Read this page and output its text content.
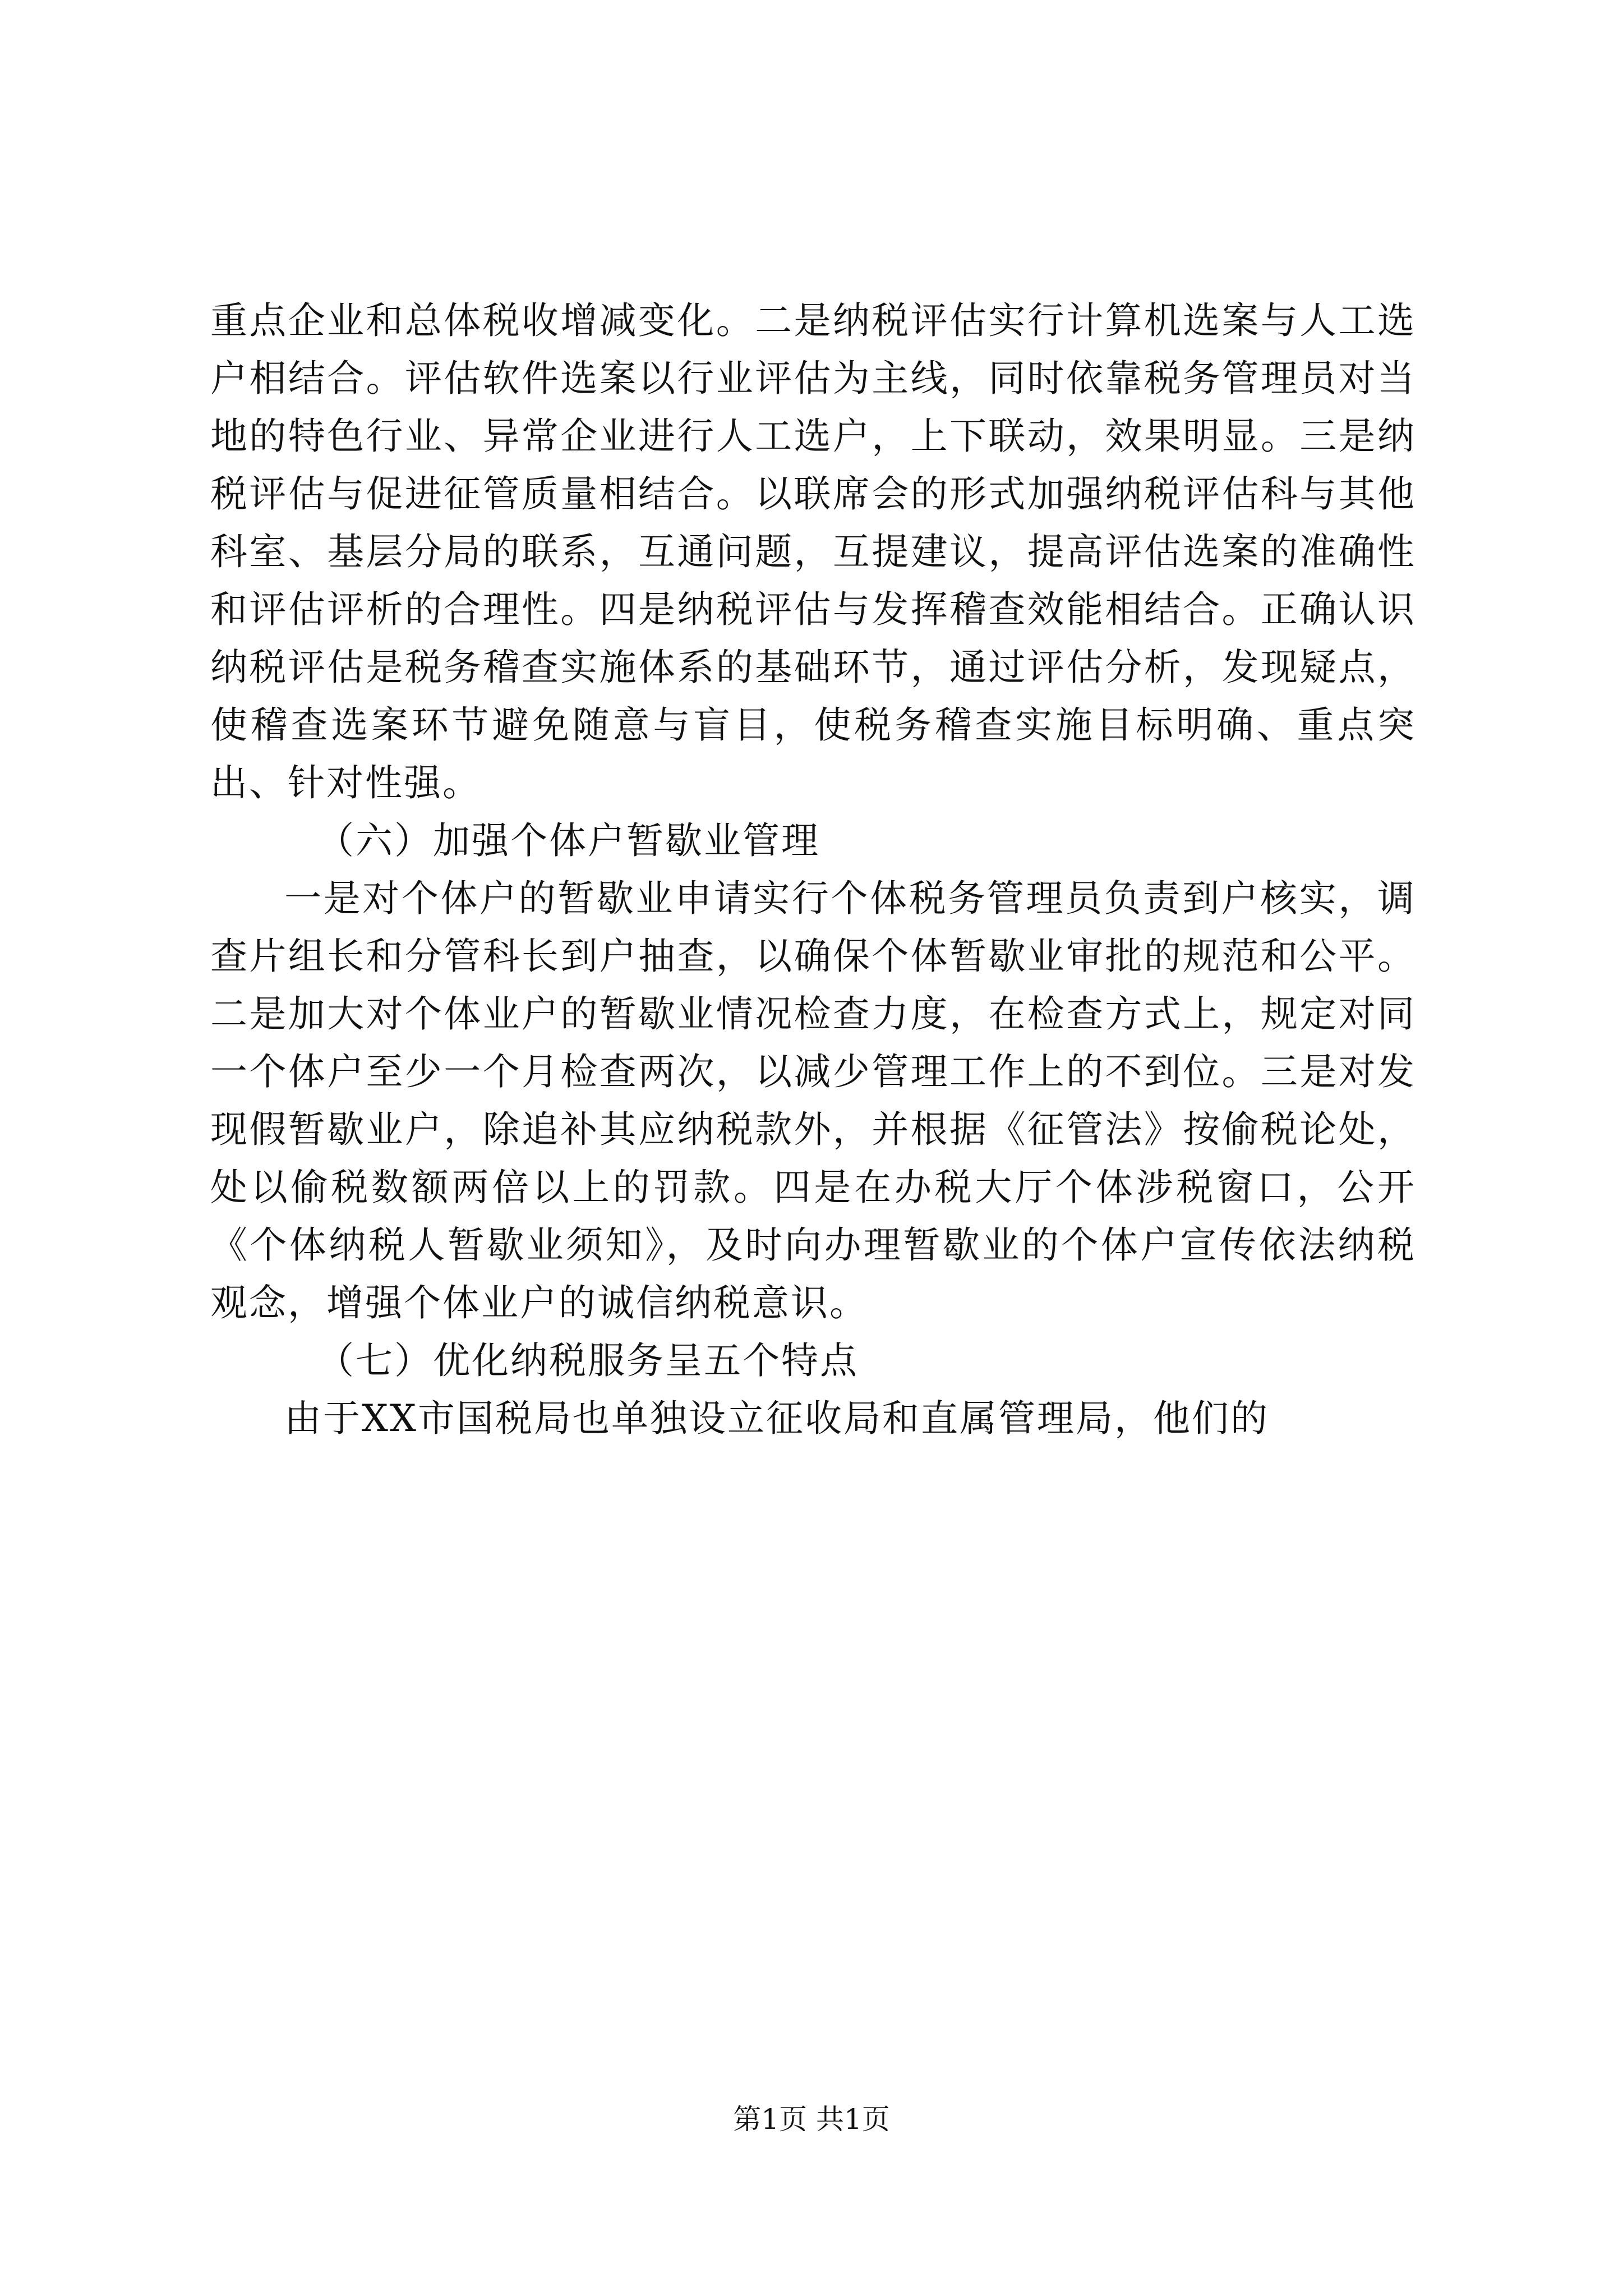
重点企业和总体税收增减变化。二是纳税评估实行计算机选案与人工选户相结合。评估软件选案以行业评估为主线，同时依靠税务管理员对当地的特色行业、异常企业进行人工选户，上下联动，效果明显。三是纳税评估与促进征管质量相结合。以联席会的形式加强纳税评估科与其他科室、基层分局的联系，互通问题，互提建议，提高评估选案的准确性和评估评析的合理性。四是纳税评估与发挥稽查效能相结合。正确认识纳税评估是税务稽查实施体系的基础环节，通过评估分析，发现疑点，使稽查选案环节避免随意与盲目，使税务稽查实施目标明确、重点突出、针对性强。

（六）加强个体户暂歇业管理

一是对个体户的暂歇业申请实行个体税务管理员负责到户核实，调查片组长和分管科长到户抽查，以确保个体暂歇业审批的规范和公平。二是加大对个体业户的暂歇业情况检查力度，在检查方式上，规定对同一个体户至少一个月检查两次，以减少管理工作上的不到位。三是对发现假暂歇业户，除追补其应纳税款外，并根据《征管法》按偷税论处，处以偷税数额两倍以上的罚款。四是在办税大厅个体涉税窗口，公开《个体纳税人暂歇业须知》，及时向办理暂歇业的个体户宣传依法纳税观念，增强个体业户的诚信纳税意识。

（七）优化纳税服务呈五个特点

由于XX市国税局也单独设立征收局和直属管理局，他们的

第1页 共1页
